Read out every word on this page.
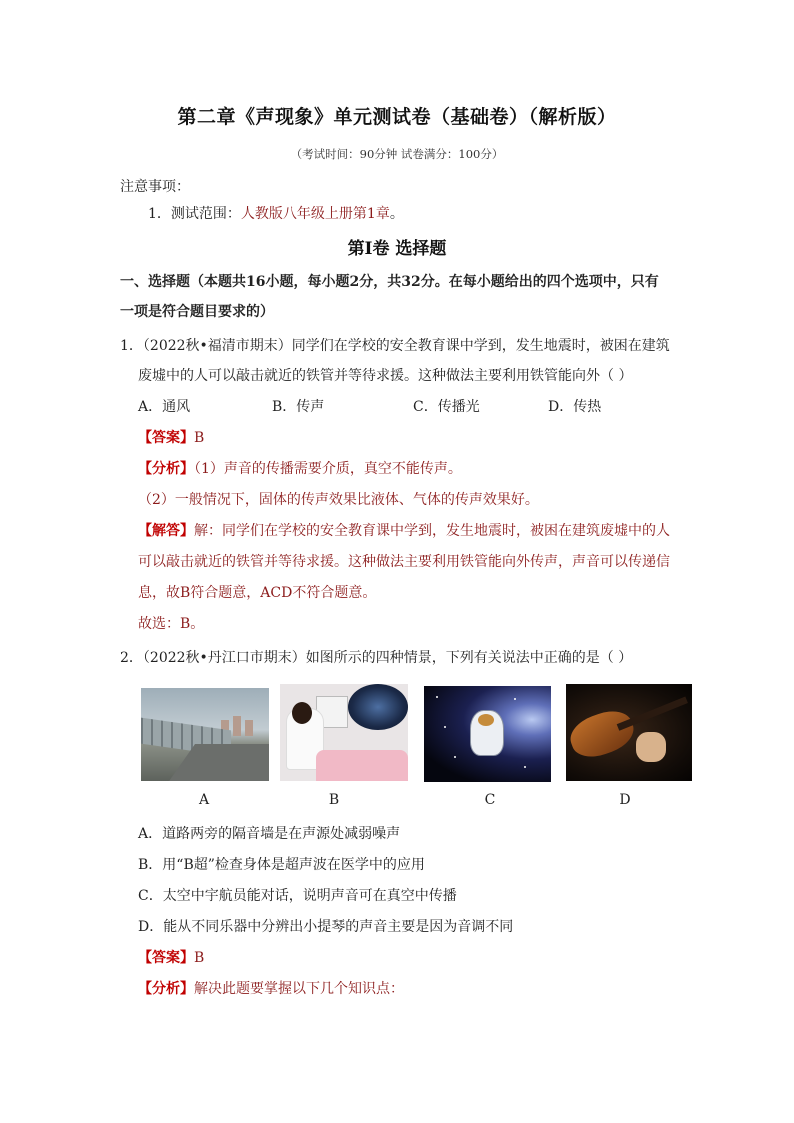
第二章《声现象》单元测试卷（基础卷）（解析版）
（考试时间：90分钟 试卷满分：100分）
注意事项：
1．测试范围：人教版八年级上册第1章。
第Ⅰ卷 选择题
一、选择题（本题共16小题，每小题2分，共32分。在每小题给出的四个选项中，只有
一项是符合题目要求的）
1．（2022秋•福清市期末）同学们在学校的安全教育课中学到，发生地震时，被困在建筑
废墟中的人可以敲击就近的铁管并等待求援。这种做法主要利用铁管能向外（ ）
A．通风	B．传声	C．传播光	D．传热
【答案】B
【分析】（1）声音的传播需要介质，真空不能传声。
（2）一般情况下，固体的传声效果比液体、气体的传声效果好。
【解答】解：同学们在学校的安全教育课中学到，发生地震时，被困在建筑废墟中的人
可以敲击就近的铁管并等待求援。这种做法主要利用铁管能向外传声，声音可以传递信
息，故B符合题意，ACD不符合题意。
故选：B。
2．（2022秋•丹江口市期末）如图所示的四种情景，下列有关说法中正确的是（ ）
A	B	C	D
A．道路两旁的隔音墙是在声源处减弱噪声
B．用“B超”检查身体是超声波在医学中的应用
C．太空中宇航员能对话，说明声音可在真空中传播
D．能从不同乐器中分辨出小提琴的声音主要是因为音调不同
【答案】B
【分析】解决此题要掌握以下几个知识点：
